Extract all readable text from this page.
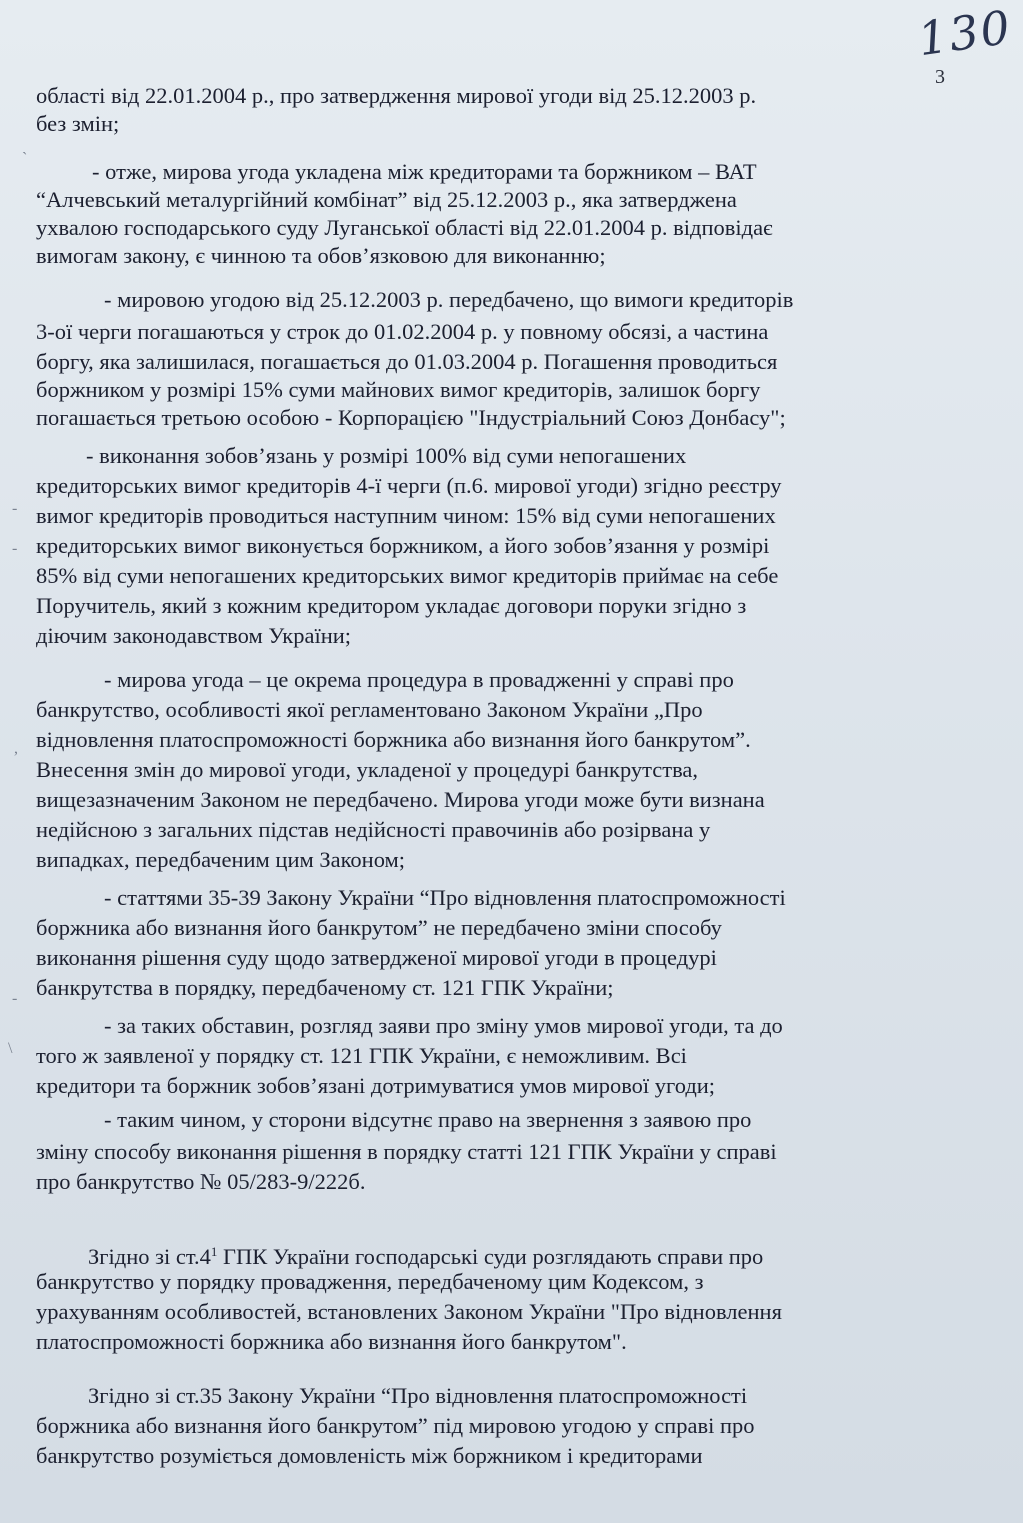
130
3
ˋ
-
-
,
-
\
області від 22.01.2004 р., про затвердження мирової угоди від 25.12.2003 р.
без змін;
- отже, мирова угода укладена між кредиторами та боржником – ВАТ
“Алчевський металургійний комбінат” від 25.12.2003 р., яка затверджена
ухвалою господарського суду Луганської області від 22.01.2004 р. відповідає
вимогам закону, є чинною та обов’язковою для виконанню;
- мировою угодою від 25.12.2003 р. передбачено, що вимоги кредиторів
3-ої черги погашаються у строк до 01.02.2004 р. у повному обсязі, а частина
боргу, яка залишилася, погашається до 01.03.2004 р. Погашення проводиться
боржником у розмірі 15% суми майнових вимог кредиторів, залишок боргу
погашається третьою особою - Корпорацією "Індустріальний Союз Донбасу";
- виконання зобов’язань у розмірі 100% від суми непогашених
кредиторських вимог кредиторів 4-ї черги (п.6. мирової угоди) згідно реєстру
вимог кредиторів проводиться наступним чином: 15% від суми непогашених
кредиторських вимог виконується боржником, а його зобов’язання у розмірі
85% від суми непогашених кредиторських вимог кредиторів приймає на себе
Поручитель, який з кожним кредитором укладає договори поруки згідно з
діючим законодавством України;
- мирова угода – це окрема процедура в провадженні у справі про
банкрутство, особливості якої регламентовано Законом України „Про
відновлення платоспроможності боржника або визнання його банкрутом”.
Внесення змін до мирової угоди, укладеної у процедурі банкрутства,
вищезазначеним Законом не передбачено. Мирова угоди може бути визнана
недійсною з загальних підстав недійсності правочинів або розірвана у
випадках, передбаченим цим Законом;
- статтями 35-39 Закону України “Про відновлення платоспроможності
боржника або визнання його банкрутом” не передбачено зміни способу
виконання рішення суду щодо затвердженої мирової угоди в процедурі
банкрутства в порядку, передбаченому ст. 121 ГПК України;
- за таких обставин, розгляд заяви про зміну умов мирової угоди, та до
того ж заявленої у порядку ст. 121 ГПК України, є неможливим. Всі
кредитори та боржник зобов’язані дотримуватися умов мирової угоди;
- таким чином, у сторони відсутнє право на звернення з заявою про
зміну способу виконання рішення в порядку статті 121 ГПК України у справі
про банкрутство № 05/283-9/222б.
Згідно зі $ст.4^1$ ГПК України господарські суди розглядають справи про
банкрутство у порядку провадження, передбаченому цим Кодексом, з
урахуванням особливостей, встановлених Законом України "Про відновлення
платоспроможності боржника або визнання його банкрутом".
Згідно зі ст.35 Закону України “Про відновлення платоспроможності
боржника або визнання його банкрутом” під мировою угодою у справі про
банкрутство розуміється домовленість між боржником і кредиторами
